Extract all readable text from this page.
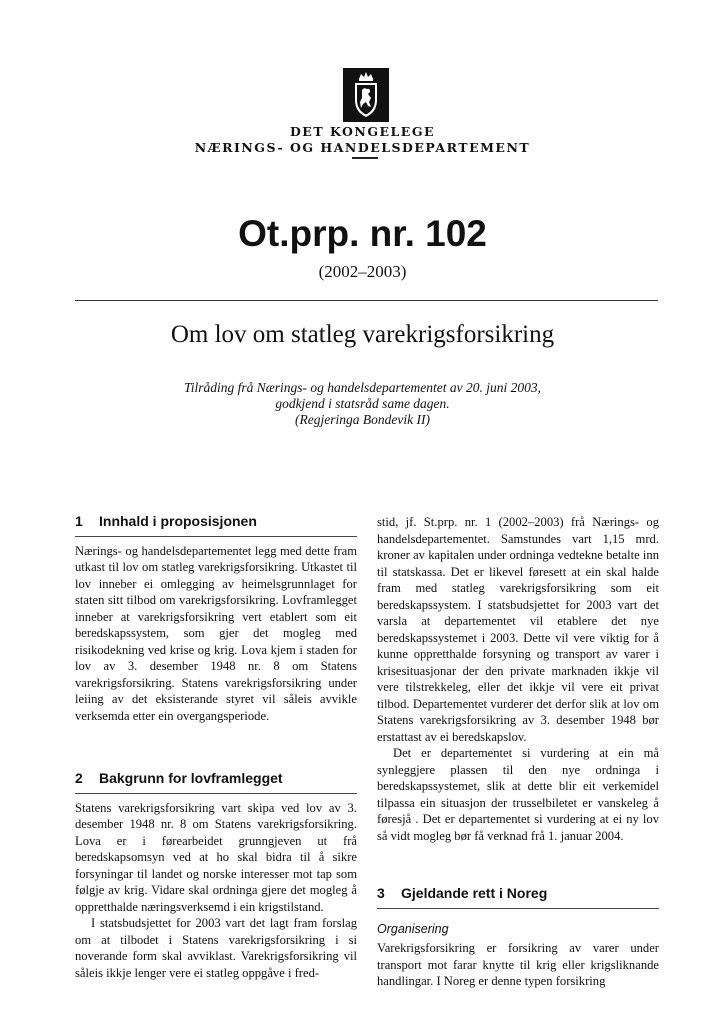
DET KONGELEGE
NÆRINGS- OG HANDELSDEPARTEMENT
Ot.prp. nr. 102
(2002–2003)
Om lov om statleg varekrigsforsikring
Tilråding frå Nærings- og handelsdepartementet av 20. juni 2003,
godkjend i statsråd same dagen.
(Regjeringa Bondevik II)
1 Innhald i proposisjonen

Nærings- og handelsdepartementet legg med dette fram utkast til lov om statleg varekrigsforsikring. Utkastet til lov inneber ei omlegging av heimelsgrunnlaget for staten sitt tilbod om varekrigsforsikring. Lovframlegget inneber at varekrigsforsikring vert etablert som eit beredskapssystem, som gjer det mogleg med risikodekning ved krise og krig. Lova kjem i staden for lov av 3. desember 1948 nr. 8 om Statens varekrigsforsikring. Statens varekrigsforsikring under leiing av det eksisterande styret vil såleis avvikle verksemda etter ein overgangsperiode.

2 Bakgrunn for lovframlegget

Statens varekrigsforsikring vart skipa ved lov av 3. desember 1948 nr. 8 om Statens varekrigsforsikring. Lova er i førearbeidet grunngjeven ut frå beredskapsomsyn ved at ho skal bidra til å sikre forsyningar til landet og norske interesser mot tap som følgje av krig. Vidare skal ordninga gjere det mogleg å oppretthalde næringsverksemd i ein krigstilstand.

I statsbudsjettet for 2003 vart det lagt fram forslag om at tilbodet i Statens varekrigsforsikring i si noverande form skal avviklast. Varekrigsforsikring vil såleis ikkje lenger vere ei statleg oppgåve i fred-

stid, jf. St.prp. nr. 1 (2002–2003) frå Nærings- og handelsdepartementet. Samstundes vart 1,15 mrd. kroner av kapitalen under ordninga vedtekne betalte inn til statskassa. Det er likevel føresett at ein skal halde fram med statleg varekrigsforsikring som eit beredskapssystem. I statsbudsjettet for 2003 vart det varsla at departementet vil etablere det nye beredskapssystemet i 2003. Dette vil vere viktig for å kunne oppretthalde forsyning og transport av varer i krisesituasjonar der den private marknaden ikkje vil vere tilstrekkeleg, eller det ikkje vil vere eit privat tilbod. Departementet vurderer det derfor slik at lov om Statens varekrigsforsikring av 3. desember 1948 bør erstattast av ei beredskapslov.

Det er departementet si vurdering at ein må synleggjere plassen til den nye ordninga i beredskapssystemet, slik at dette blir eit verkemidel tilpassa ein situasjon der trusselbiletet er vanskeleg å føresjå . Det er departementet si vurdering at ei ny lov så vidt mogleg bør få verknad frå 1. januar 2004.

3 Gjeldande rett i Noreg
Organisering

Varekrigsforsikring er forsikring av varer under transport mot farar knytte til krig eller krigsliknande handlingar. I Noreg er denne typen forsikring
